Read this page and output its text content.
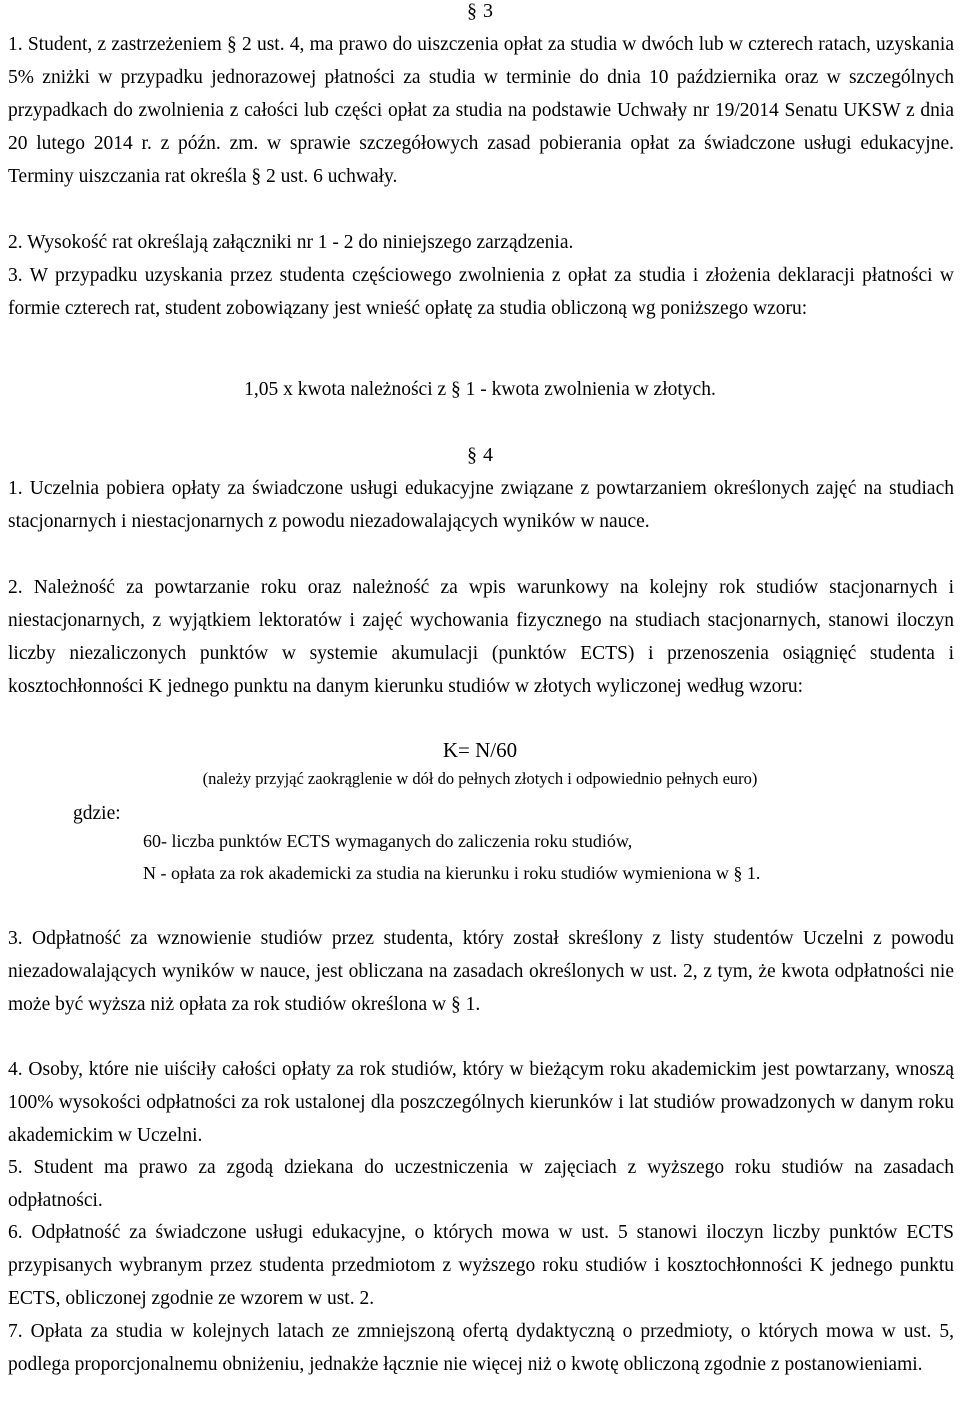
§ 3
1. Student, z zastrzeżeniem § 2 ust. 4, ma prawo do uiszczenia opłat za studia w dwóch lub w czterech ratach, uzyskania 5% zniżki w przypadku jednorazowej płatności za studia w terminie do dnia 10 października oraz w szczególnych przypadkach do zwolnienia z całości lub części opłat za studia na podstawie Uchwały nr 19/2014 Senatu UKSW z dnia 20 lutego 2014 r. z późn. zm. w sprawie szczegółowych zasad pobierania opłat za świadczone usługi edukacyjne. Terminy uiszczania rat określa § 2 ust. 6 uchwały.
2. Wysokość rat określają załączniki nr 1 - 2 do niniejszego zarządzenia.
3. W przypadku uzyskania przez studenta częściowego zwolnienia z opłat za studia i złożenia deklaracji płatności w formie czterech rat, student zobowiązany jest wnieść opłatę za studia obliczoną wg poniższego wzoru:
1,05 x kwota należności z § 1 - kwota zwolnienia w złotych.
§ 4
1. Uczelnia pobiera opłaty za świadczone usługi edukacyjne związane z powtarzaniem określonych zajęć na studiach stacjonarnych i niestacjonarnych z powodu niezadowalających wyników w nauce.
2. Należność za powtarzanie roku oraz należność za wpis warunkowy na kolejny rok studiów stacjonarnych i niestacjonarnych, z wyjątkiem lektoratów i zajęć wychowania fizycznego na studiach stacjonarnych, stanowi iloczyn liczby niezaliczonych punktów w systemie akumulacji (punktów ECTS) i przenoszenia osiągnięć studenta i kosztochłonności K jednego punktu na danym kierunku studiów w złotych wyliczonej według wzoru:
K= N/60
(należy przyjąć zaokrąglenie w dół do pełnych złotych i odpowiednio pełnych euro)
gdzie:
60- liczba punktów ECTS wymaganych do zaliczenia roku studiów,
N - opłata za rok akademicki za studia na kierunku i roku studiów wymieniona w § 1.
3. Odpłatność za wznowienie studiów przez studenta, który został skreślony z listy studentów Uczelni z powodu niezadowalających wyników w nauce, jest obliczana na zasadach określonych w ust. 2, z tym, że kwota odpłatności nie może być wyższa niż opłata za rok studiów określona w § 1.
4. Osoby, które nie uiściły całości opłaty za rok studiów, który w bieżącym roku akademickim jest powtarzany, wnoszą 100% wysokości odpłatności za rok ustalonej dla poszczególnych kierunków i lat studiów prowadzonych w danym roku akademickim w Uczelni.
5. Student ma prawo za zgodą dziekana do uczestniczenia w zajęciach z wyższego roku studiów na zasadach odpłatności.
6. Odpłatność za świadczone usługi edukacyjne, o których mowa w ust. 5 stanowi iloczyn liczby punktów ECTS przypisanych wybranym przez studenta przedmiotom z wyższego roku studiów i kosztochłonności K jednego punktu ECTS, obliczonej zgodnie ze wzorem w ust. 2.
7. Opłata za studia w kolejnych latach ze zmniejszoną ofertą dydaktyczną o przedmioty, o których mowa w ust. 5, podlega proporcjonalnemu obniżeniu, jednakże łącznie nie więcej niż o kwotę obliczoną zgodnie z postanowieniami.
